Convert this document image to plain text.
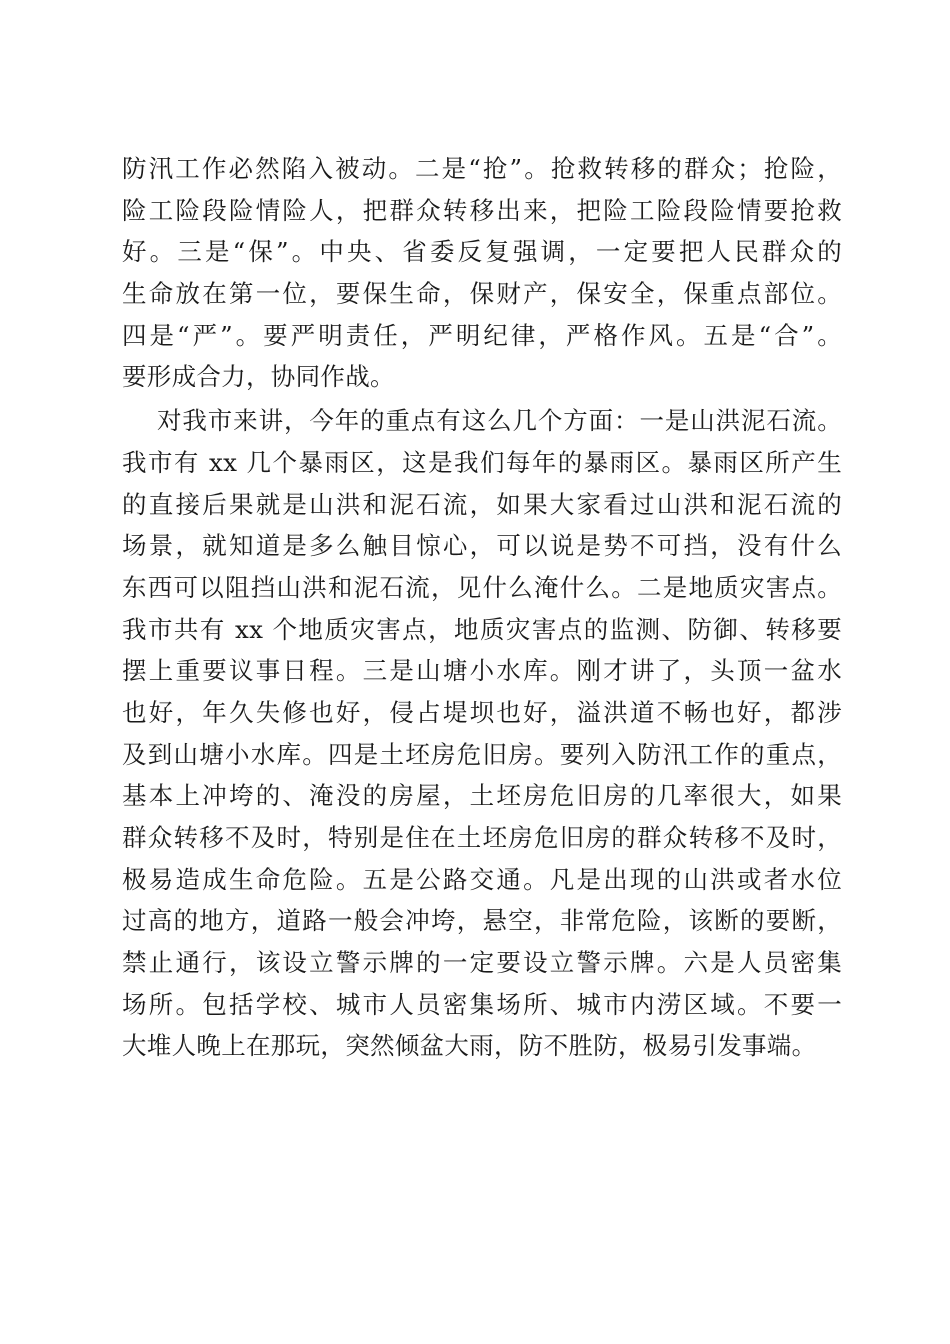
防汛工作必然陷入被动。二是“抢”。抢救转移的群众；抢险，
险工险段险情险人，把群众转移出来，把险工险段险情要抢救
好。三是“保”。中央、省委反复强调，一定要把人民群众的
生命放在第一位，要保生命，保财产，保安全，保重点部位。
四是“严”。要严明责任，严明纪律，严格作风。五是“合”。
要形成合力，协同作战。
对我市来讲，今年的重点有这么几个方面：一是山洪泥石流。
我市有 xx 几个暴雨区，这是我们每年的暴雨区。暴雨区所产生
的直接后果就是山洪和泥石流，如果大家看过山洪和泥石流的
场景，就知道是多么触目惊心，可以说是势不可挡，没有什么
东西可以阻挡山洪和泥石流，见什么淹什么。二是地质灾害点。
我市共有 xx 个地质灾害点，地质灾害点的监测、防御、转移要
摆上重要议事日程。三是山塘小水库。刚才讲了，头顶一盆水
也好，年久失修也好，侵占堤坝也好，溢洪道不畅也好，都涉
及到山塘小水库。四是土坯房危旧房。要列入防汛工作的重点，
基本上冲垮的、淹没的房屋，土坯房危旧房的几率很大，如果
群众转移不及时，特别是住在土坯房危旧房的群众转移不及时，
极易造成生命危险。五是公路交通。凡是出现的山洪或者水位
过高的地方，道路一般会冲垮，悬空，非常危险，该断的要断，
禁止通行，该设立警示牌的一定要设立警示牌。六是人员密集
场所。包括学校、城市人员密集场所、城市内涝区域。不要一
大堆人晚上在那玩，突然倾盆大雨，防不胜防，极易引发事端。
